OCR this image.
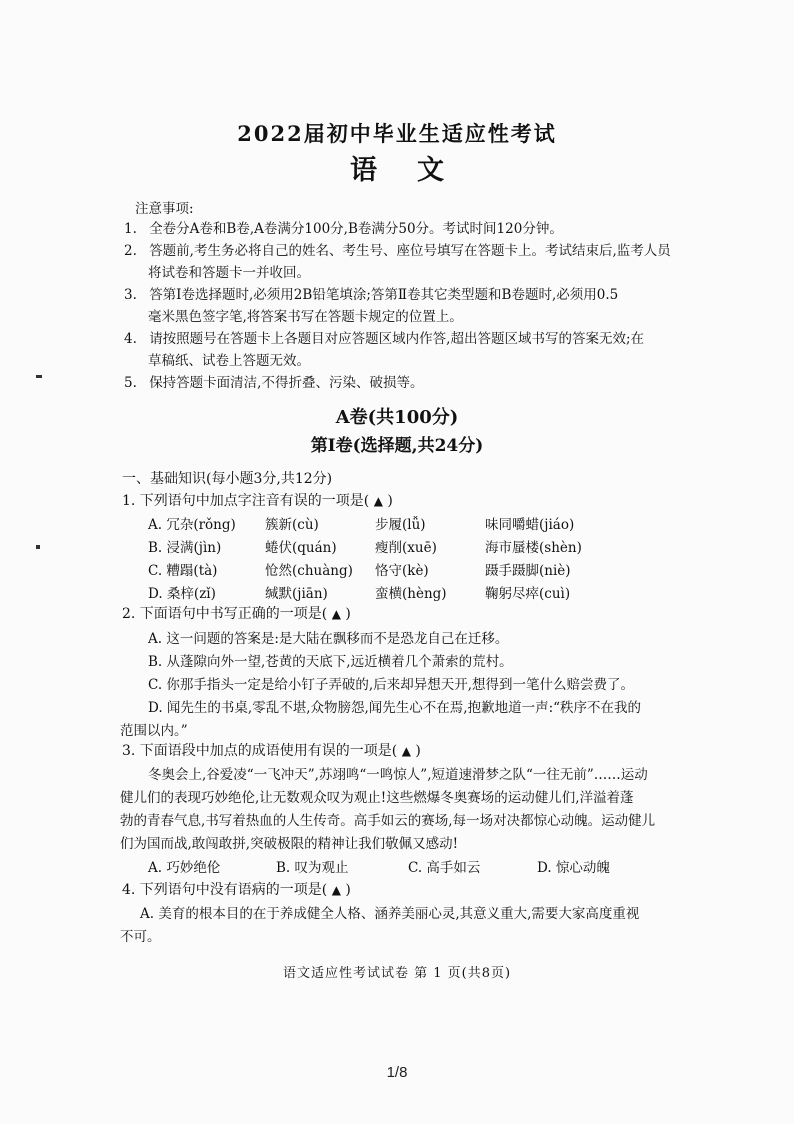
2022届初中毕业生适应性考试
语文
注意事项:
1. 全卷分A卷和B卷,A卷满分100分,B卷满分50分。考试时间120分钟。
2. 答题前,考生务必将自己的姓名、考生号、座位号填写在答题卡上。考试结束后,监考人员
将试卷和答题卡一并收回。
3. 答第Ⅰ卷选择题时,必须用2B铅笔填涂;答第Ⅱ卷其它类型题和B卷题时,必须用0.5
毫米黑色签字笔,将答案书写在答题卡规定的位置上。
4. 请按照题号在答题卡上各题目对应答题区域内作答,超出答题区域书写的答案无效;在
草稿纸、试卷上答题无效。
5. 保持答题卡面清洁,不得折叠、污染、破损等。
A卷(共100分)
第Ⅰ卷(选择题,共24分)
一、基础知识(每小题3分,共12分)
1. 下列语句中加点字注音有误的一项是( ▲ )
A. 冗杂(rǒng) 簇新(cù)	步履(lǚ)	味同嚼蜡(jiáo)
B. 浸满(jìn)	蜷伏(quán)	瘦削(xuē)	海市蜃楼(shèn)
C. 糟蹋(tà)	怆然(chuàng) 恪守(kè)	蹑手蹑脚(niè)
D. 桑梓(zǐ)	缄默(jiān)	蛮横(hèng)	鞠躬尽瘁(cuì)
2. 下面语句中书写正确的一项是( ▲ )
A. 这一问题的答案是:是大陆在飘移而不是恐龙自己在迁移。
B. 从蓬隙向外一望,苍黄的天底下,远近横着几个萧索的荒村。
C. 你那手指头一定是给小钉子弄破的,后来却异想天开,想得到一笔什么赔尝费了。
D. 闻先生的书桌,零乱不堪,众物膀怨,闻先生心不在焉,抱歉地道一声:“秩序不在我的
范围以内。”
3. 下面语段中加点的成语使用有误的一项是( ▲ )
冬奥会上,谷爱凌“一飞冲天”,苏翊鸣“一鸣惊人”,短道速滑梦之队“一往无前”……运动
健儿们的表现巧妙绝伦,让无数观众叹为观止!这些燃爆冬奥赛场的运动健儿们,洋溢着蓬
勃的青春气息,书写着热血的人生传奇。高手如云的赛场,每一场对决都惊心动魄。运动健儿
们为国而战,敢闯敢拼,突破极限的精神让我们敬佩又感动!
A. 巧妙绝伦	B. 叹为观止	C. 高手如云	D. 惊心动魄
4. 下列语句中没有语病的一项是( ▲ )
A. 美育的根本目的在于养成健全人格、涵养美丽心灵,其意义重大,需要大家高度重视
不可。
语文适应性考试试卷 第 1 页(共8页)
1/8
